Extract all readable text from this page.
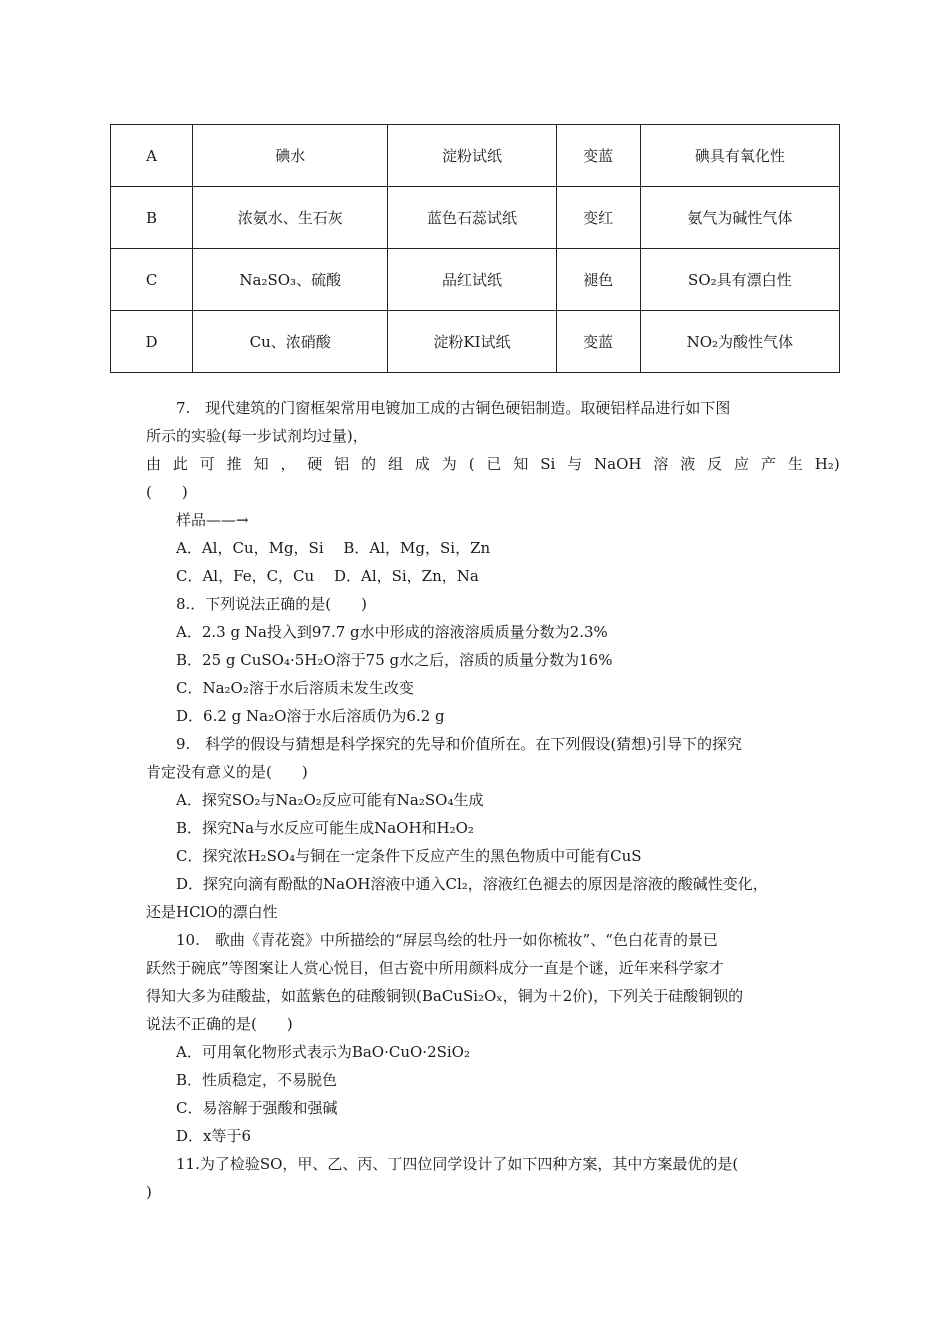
A	碘水	淀粉试纸	变蓝	碘具有氧化性
B	浓氨水、生石灰	蓝色石蕊试纸	变红	氨气为碱性气体
C	Na₂SO₃、硫酸	品红试纸	褪色	SO₂具有漂白性
D	Cu、浓硝酸	淀粉KI试纸	变蓝	NO₂为酸性气体
7.　现代建筑的门窗框架常用电镀加工成的古铜色硬铝制造。取硬铝样品进行如下图
所示的实验(每一步试剂均过量)，
由 此 可 推 知 ， 硬 铝 的 组 成 为 ( 已 知 Si 与 NaOH 溶 液 反 应 产 生 H₂)
(　　)
样品——→
A．Al，Cu，Mg，Si　 B．Al，Mg，Si，Zn
C．Al，Fe，C，Cu　 D．Al，Si，Zn，Na
8.．下列说法正确的是(　　)
A．2.3 g Na投入到97.7 g水中形成的溶液溶质质量分数为2.3%
B．25 g CuSO₄·5H₂O溶于75 g水之后，溶质的质量分数为16%
C．Na₂O₂溶于水后溶质未发生改变
D．6.2 g Na₂O溶于水后溶质仍为6.2 g
9.　科学的假设与猜想是科学探究的先导和价值所在。在下列假设(猜想)引导下的探究
肯定没有意义的是(　　)
A．探究SO₂与Na₂O₂反应可能有Na₂SO₄生成
B．探究Na与水反应可能生成NaOH和H₂O₂
C．探究浓H₂SO₄与铜在一定条件下反应产生的黑色物质中可能有CuS
D．探究向滴有酚酞的NaOH溶液中通入Cl₂，溶液红色褪去的原因是溶液的酸碱性变化，
还是HClO的漂白性
10.　歌曲《青花瓷》中所描绘的“屏层鸟绘的牡丹一如你梳妆”、“色白花青的景已
跃然于碗底”等图案让人赏心悦目，但古瓷中所用颜料成分一直是个谜，近年来科学家才
得知大多为硅酸盐，如蓝紫色的硅酸铜钡(BaCuSi₂Oₓ，铜为＋2价)，下列关于硅酸铜钡的
说法不正确的是(　　)
A．可用氧化物形式表示为BaO·CuO·2SiO₂
B．性质稳定，不易脱色
C．易溶解于强酸和强碱
D．x等于6
11.为了检验SO，甲、乙、丙、丁四位同学设计了如下四种方案，其中方案最优的是(
)
